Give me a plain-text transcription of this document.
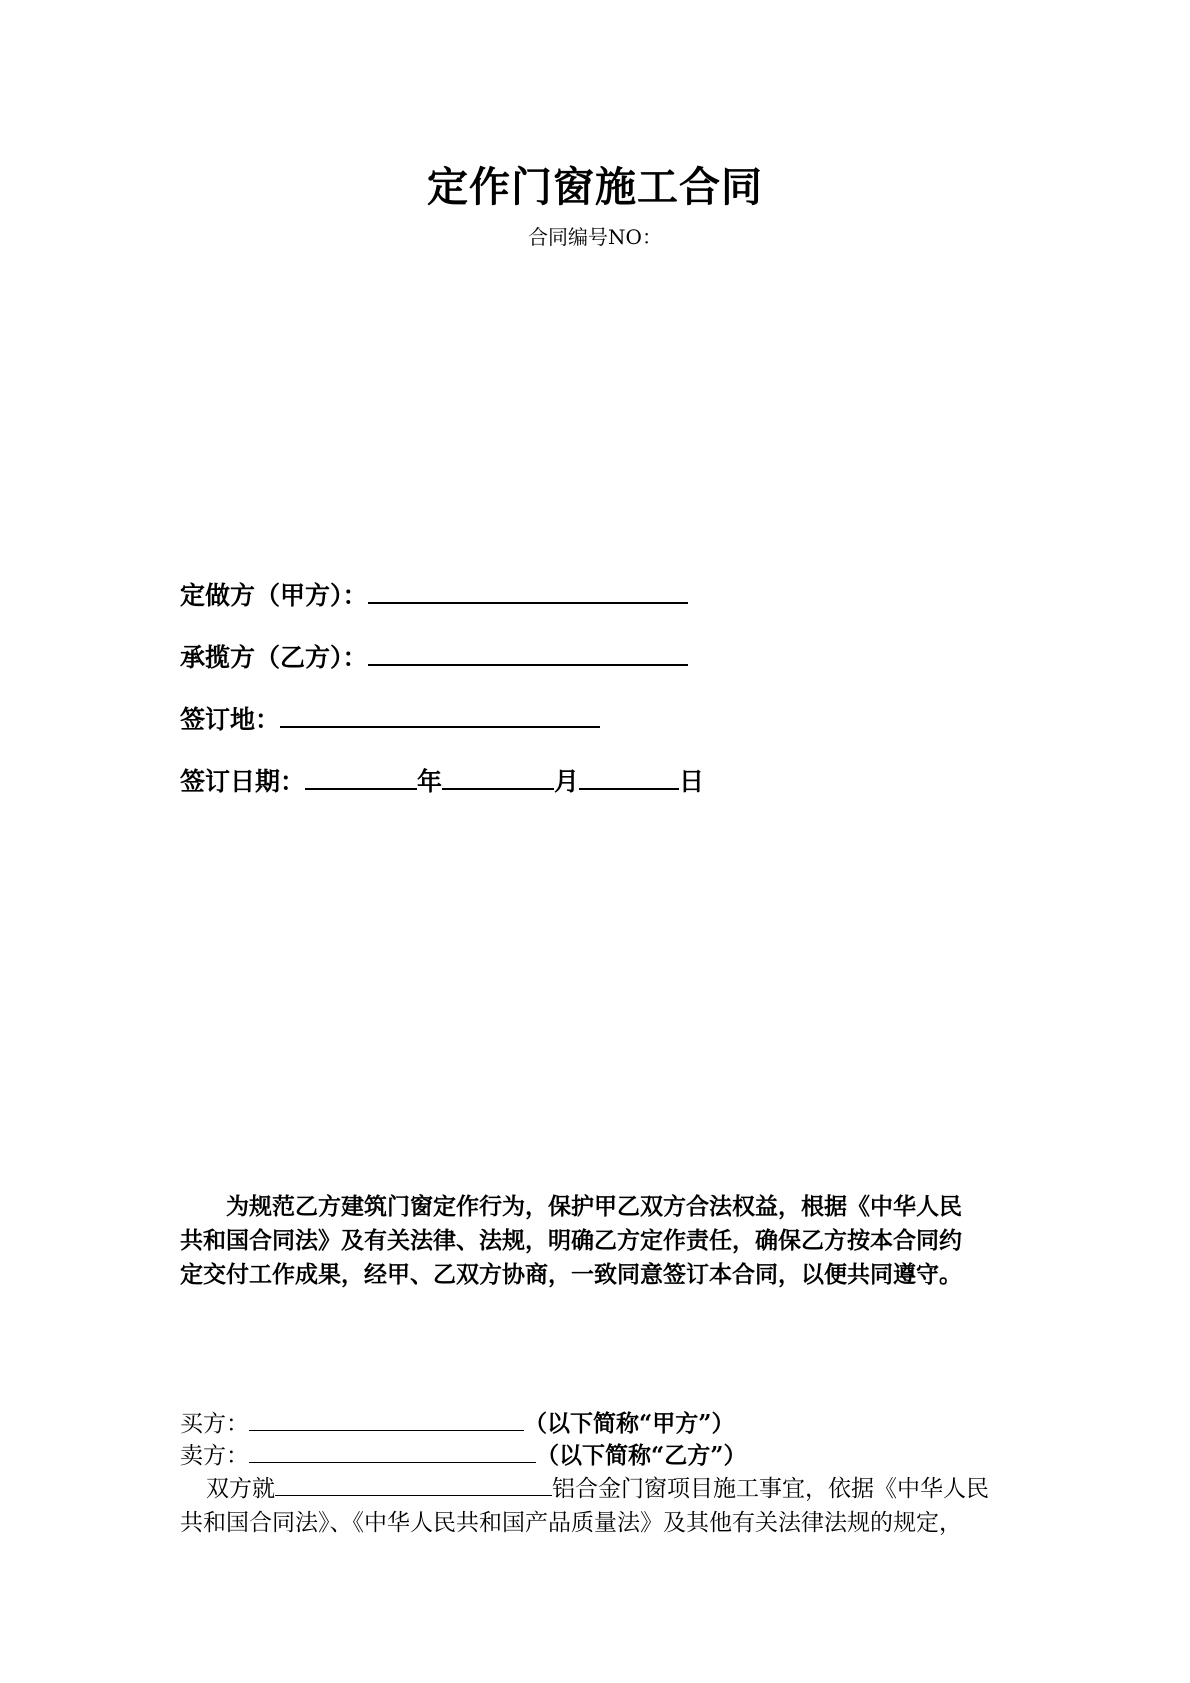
定作门窗施工合同
合同编号NO：
定做方（甲方）：
承揽方（乙方）：
签订地：
签订日期：	年	月	日

为规范乙方建筑门窗定作行为，保护甲乙双方合法权益，根据《中华人民

共和国合同法》及有关法律、法规，明确乙方定作责任，确保乙方按本合同约

定交付工作成果，经甲、乙双方协商，一致同意签订本合同，以便共同遵守。

买方：	（以下简称“甲方”）
卖方：	（以下简称“乙方”）

双方就	铝合金门窗项目施工事宜，依据《中华人民

共和国合同法》、《中华人民共和国产品质量法》及其他有关法律法规的规定，
